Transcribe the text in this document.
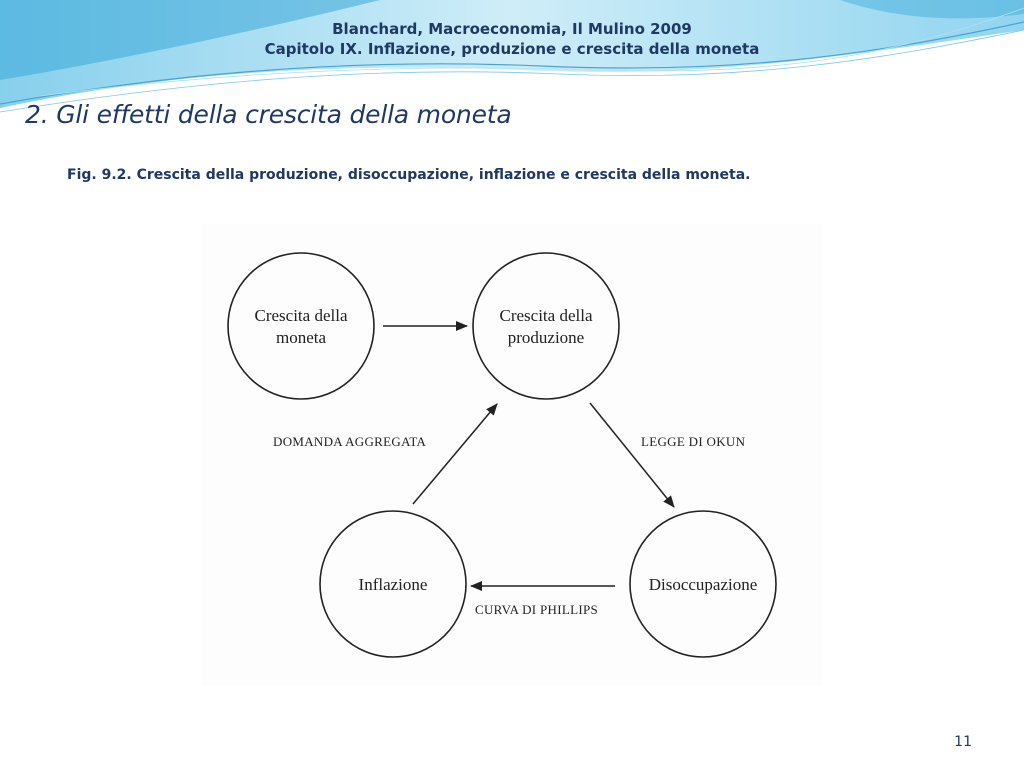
Blanchard, Macroeconomia, Il Mulino 2009
Capitolo IX. Inflazione, produzione e crescita della moneta
2. Gli effetti della crescita della moneta
Fig. 9.2. Crescita della produzione, disoccupazione, inflazione e crescita della moneta.
Crescita della
moneta
Crescita della
produzione
Inflazione	Disoccupazione
DOMANDA AGGREGATA	LEGGE DI OKUN
CURVA DI PHILLIPS
11
